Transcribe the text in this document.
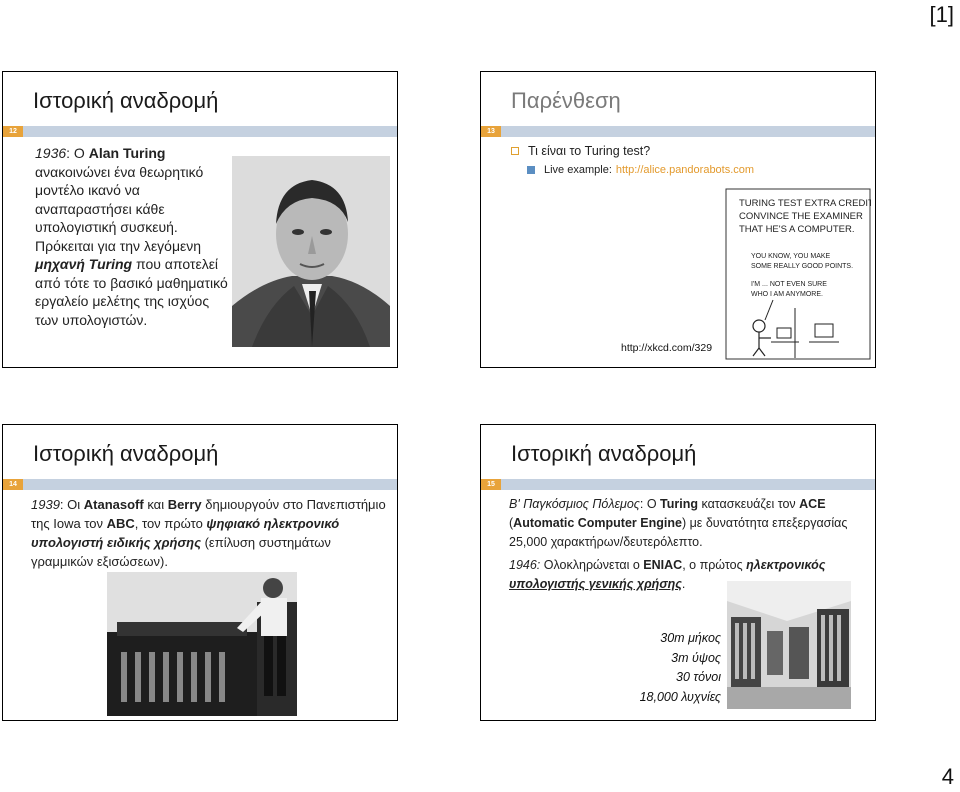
[1]
Ιστορική αναδρομή
12
1936: Ο Alan Turing ανακοινώνει ένα θεωρητικό μοντέλο ικανό να αναπαραστήσει κάθε υπολογιστική συσκευή. Πρόκειται για την λεγόμενη μηχανή Turing που αποτελεί από τότε το βασικό μαθηματικό εργαλείο μελέτης της ισχύος των υπολογιστών.
Παρένθεση
13
Τι είναι το Turing test?
Live example: http://alice.pandorabots.com
TURING TEST EXTRA CREDIT:
CONVINCE THE EXAMINER
THAT HE'S A COMPUTER.
YOU KNOW, YOU MAKE
SOME REALLY GOOD POINTS.
I'M ... NOT EVEN SURE
WHO I AM ANYMORE.
http://xkcd.com/329
Ιστορική αναδρομή
14
1939: Οι Atanasoff και Berry δημιουργούν στο Πανεπιστήμιο της Iowa τον ABC, τον πρώτο ψηφιακό ηλεκτρονικό υπολογιστή ειδικής χρήσης (επίλυση συστημάτων γραμμικών εξισώσεων).
Ιστορική αναδρομή
15
Β' Παγκόσμιος Πόλεμος: Ο Turing κατασκευάζει τον ACE (Automatic Computer Engine) με δυνατότητα επεξεργασίας 25,000 χαρακτήρων/δευτερόλεπτο.
1946: Ολοκληρώνεται ο ENIAC, ο πρώτος ηλεκτρονικός
υπολογιστής γενικής χρήσης.
30m μήκος
3m ύψος
30 τόνοι
18,000 λυχνίες
4
